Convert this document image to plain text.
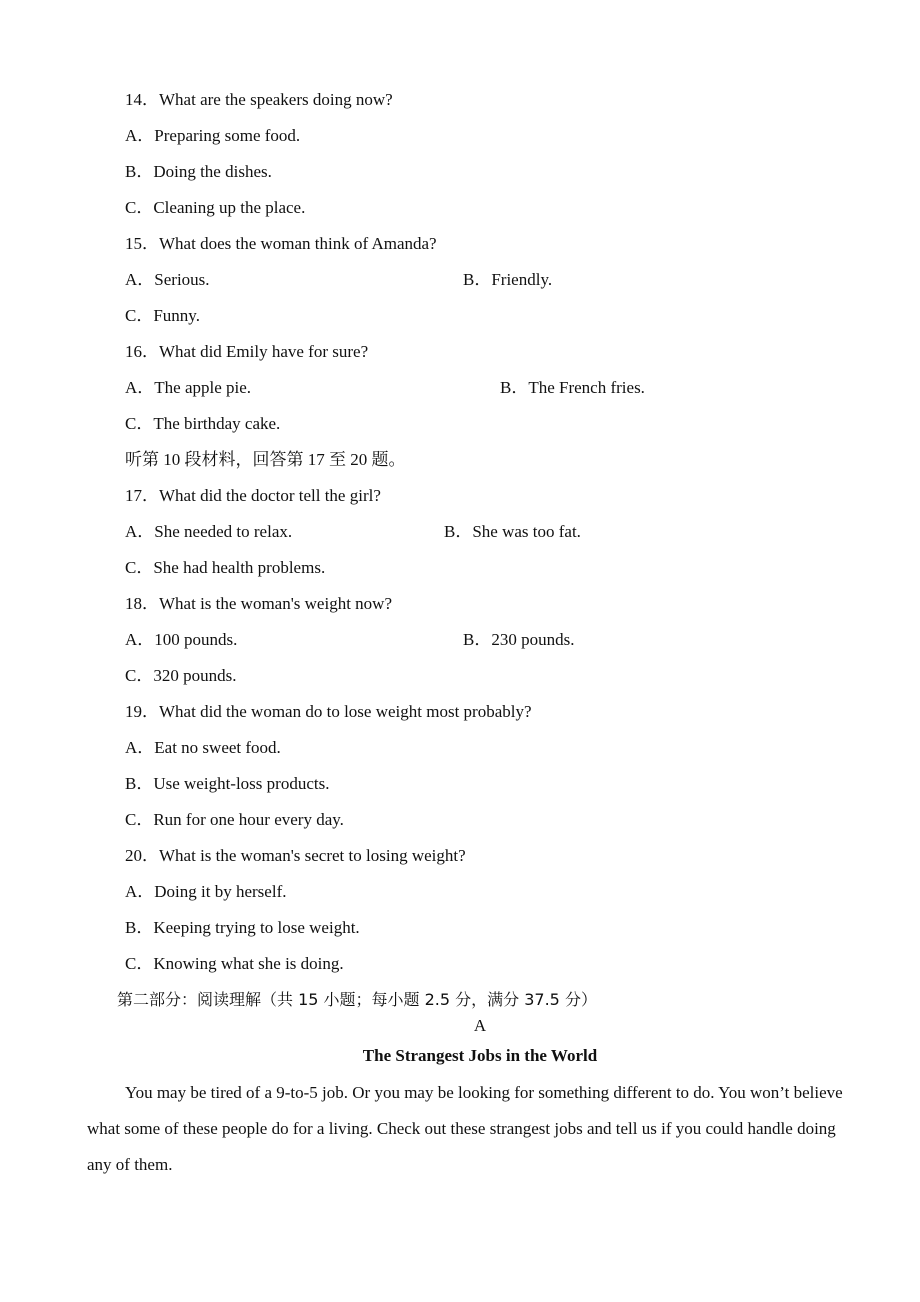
14．What are the speakers doing now?
A．Preparing some food.
B．Doing the dishes.
C．Cleaning up the place.
15．What does the woman think of Amanda?
A．Serious.	B．Friendly.
C．Funny.
16．What did Emily have for sure?
A．The apple pie.	B．The French fries.
C．The birthday cake.
听第 10 段材料，回答第 17 至 20 题。
17．What did the doctor tell the girl?
A．She needed to relax.	B．She was too fat.
C．She had health problems.
18．What is the woman's weight now?
A．100 pounds.	B．230 pounds.
C．320 pounds.
19．What did the woman do to lose weight most probably?
A．Eat no sweet food.
B．Use weight-loss products.
C．Run for one hour every day.
20．What is the woman's secret to losing weight?
A．Doing it by herself.
B．Keeping trying to lose weight.
C．Knowing what she is doing.
第二部分：阅读理解（共 15 小题；每小题 2.5 分，满分 37.5 分）
A
The Strangest Jobs in the World
You may be tired of a 9-to-5 job. Or you may be looking for something different to do. You won’t believe what some of these people do for a living. Check out these strangest jobs and tell us if you could handle doing any of them.
